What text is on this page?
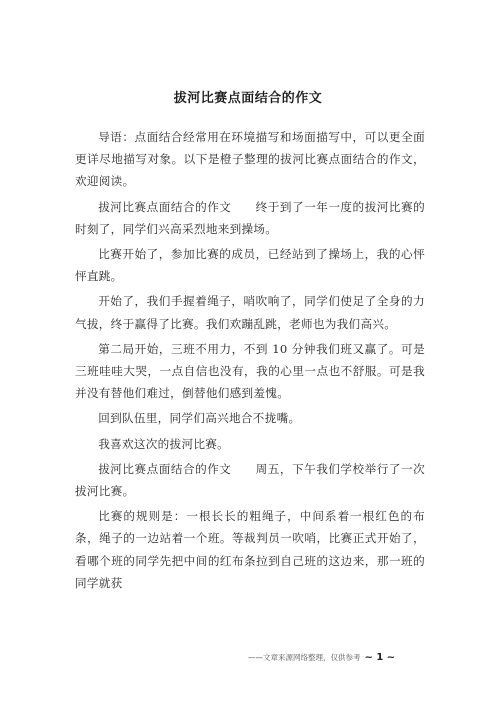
拔河比赛点面结合的作文

导语：点面结合经常用在环境描写和场面描写中，可以更全面更详尽地描写对象。以下是橙子整理的拔河比赛点面结合的作文，欢迎阅读。

拔河比赛点面结合的作文　　终于到了一年一度的拔河比赛的时刻了，同学们兴高采烈地来到操场。

比赛开始了，参加比赛的成员，已经站到了操场上，我的心怦怦直跳。

开始了，我们手握着绳子，哨吹响了，同学们使足了全身的力气拔，终于赢得了比赛。我们欢蹦乱跳，老师也为我们高兴。

第二局开始，三班不用力，不到 10 分钟我们班又赢了。可是三班哇哇大哭，一点自信也没有，我的心里一点也不舒服。可是我并没有替他们难过，倒替他们感到羞愧。

回到队伍里，同学们高兴地合不拢嘴。

我喜欢这次的拔河比赛。

拔河比赛点面结合的作文　　周五，下午我们学校举行了一次拔河比赛。

比赛的规则是：一根长长的粗绳子，中间系着一根红色的布条，绳子的一边站着一个班。等裁判员一吹哨，比赛正式开始了，看哪个班的同学先把中间的红布条拉到自己班的这边来，那一班的同学就获

——文章来源网络整理，仅供参考 ~ 1 ~
